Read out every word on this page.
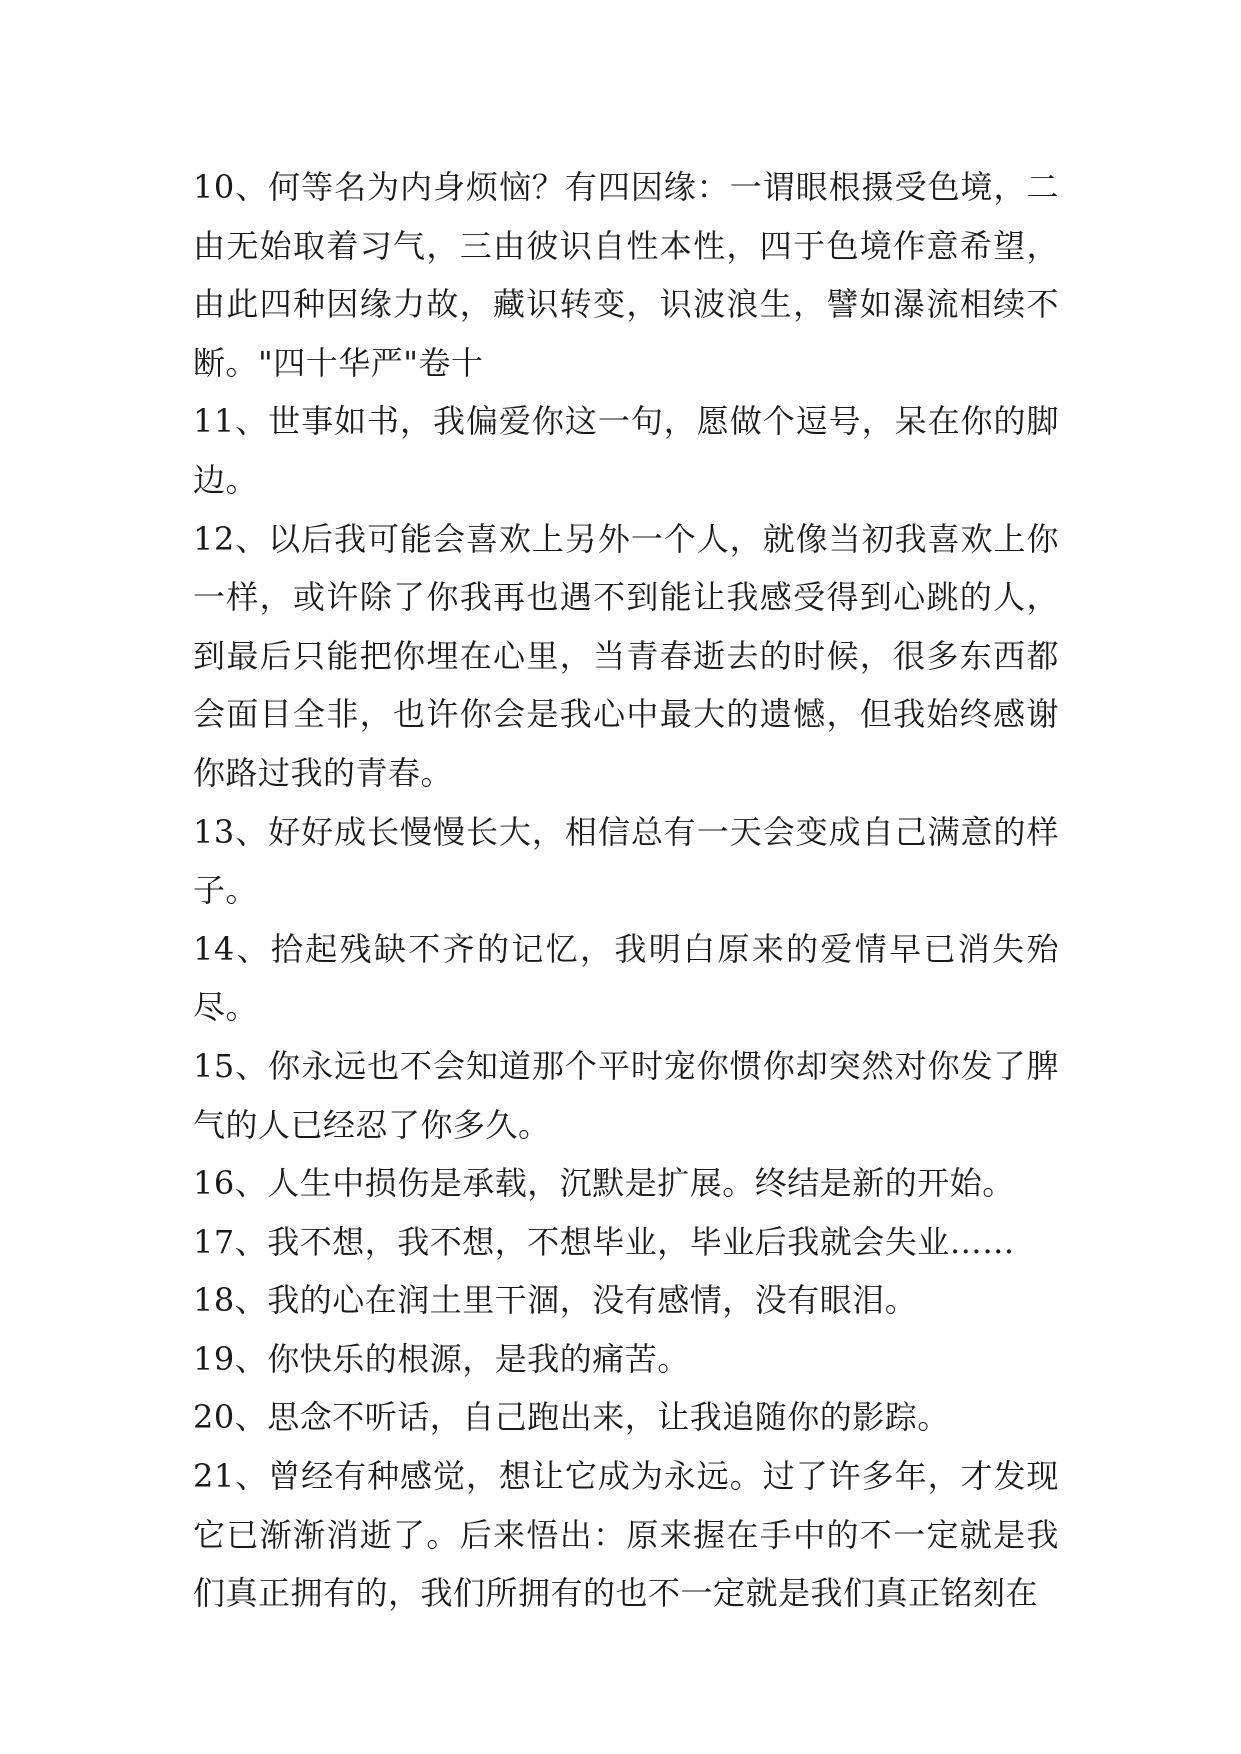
10、何等名为内身烦恼？有四因缘：一谓眼根摄受色境，二由无始取着习气，三由彼识自性本性，四于色境作意希望，由此四种因缘力故，藏识转变，识波浪生，譬如瀑流相续不断。"四十华严"卷十

11、世事如书，我偏爱你这一句，愿做个逗号，呆在你的脚边。

12、以后我可能会喜欢上另外一个人，就像当初我喜欢上你一样，或许除了你我再也遇不到能让我感受得到心跳的人，到最后只能把你埋在心里，当青春逝去的时候，很多东西都会面目全非，也许你会是我心中最大的遗憾，但我始终感谢你路过我的青春。

13、好好成长慢慢长大，相信总有一天会变成自己满意的样子。

14、拾起残缺不齐的记忆，我明白原来的爱情早已消失殆尽。

15、你永远也不会知道那个平时宠你惯你却突然对你发了脾气的人已经忍了你多久。

16、人生中损伤是承载，沉默是扩展。终结是新的开始。

17、我不想，我不想，不想毕业，毕业后我就会失业……

18、我的心在润土里干涸，没有感情，没有眼泪。

19、你快乐的根源，是我的痛苦。

20、思念不听话，自己跑出来，让我追随你的影踪。

21、曾经有种感觉，想让它成为永远。过了许多年，才发现它已渐渐消逝了。后来悟出：原来握在手中的不一定就是我们真正拥有的，我们所拥有的也不一定就是我们真正铭刻在
